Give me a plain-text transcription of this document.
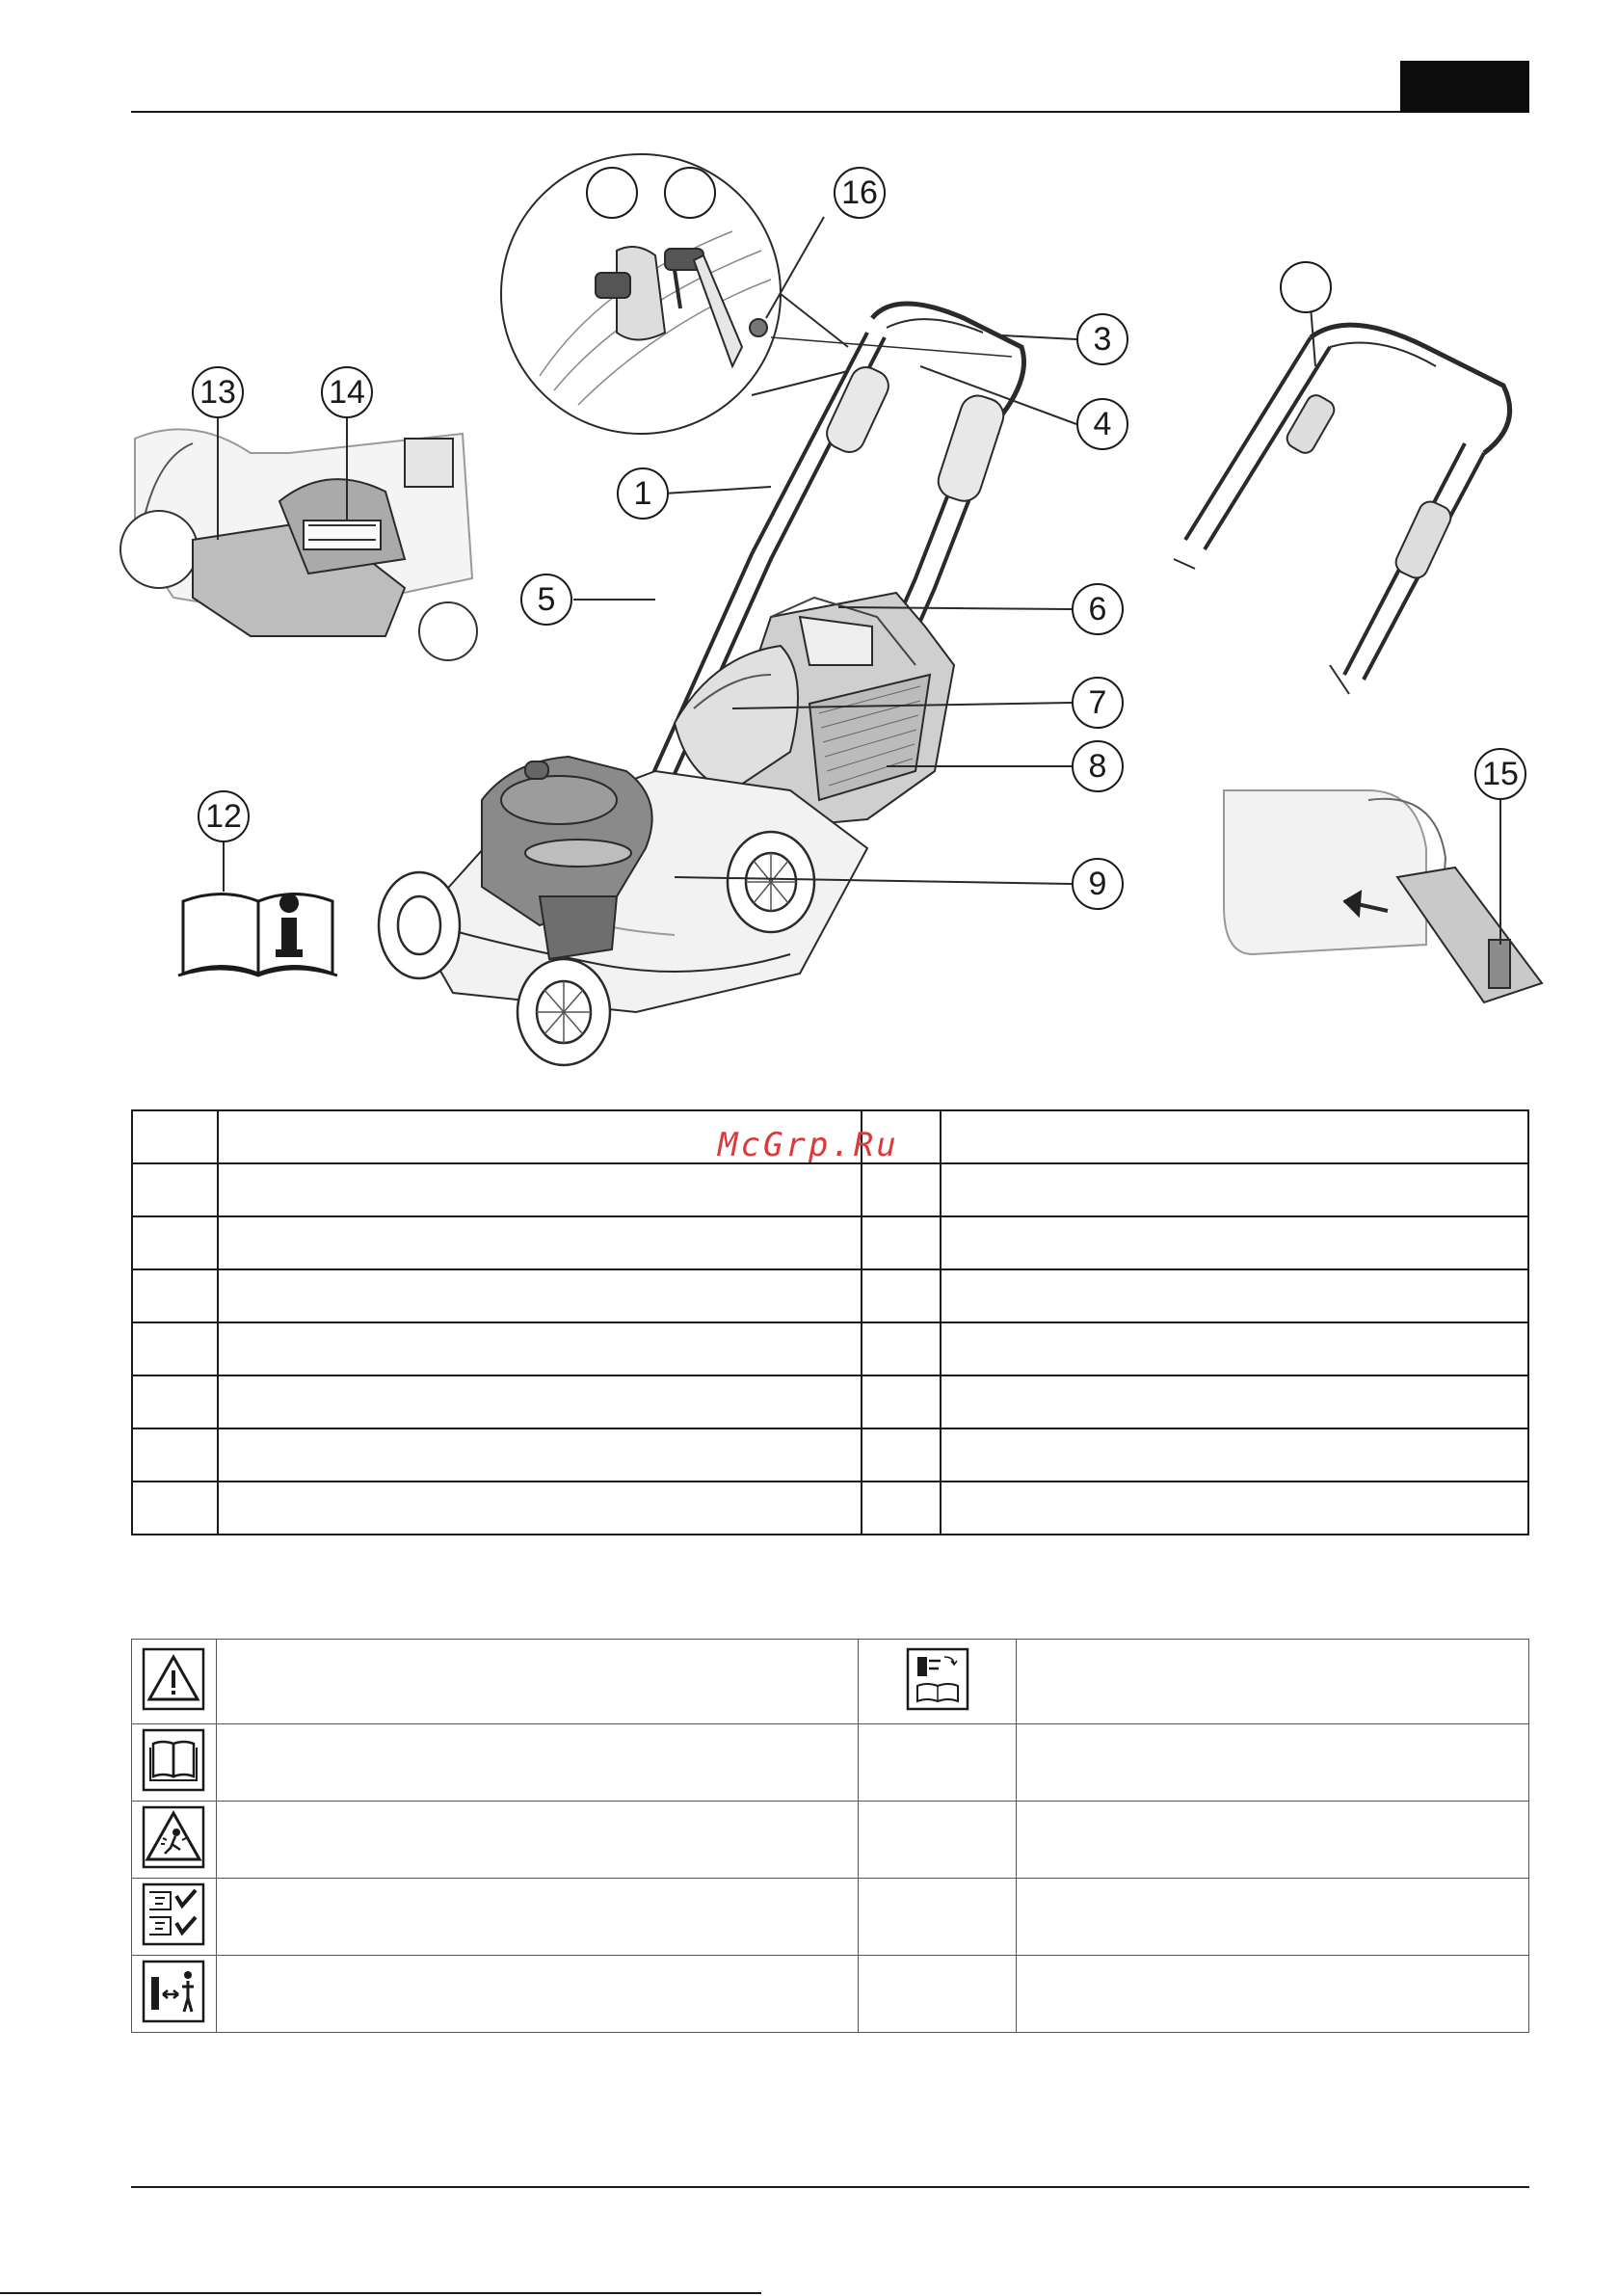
1
3
4
5	6
7
8
9
12
13	14
15
16

McGrp.Ru
